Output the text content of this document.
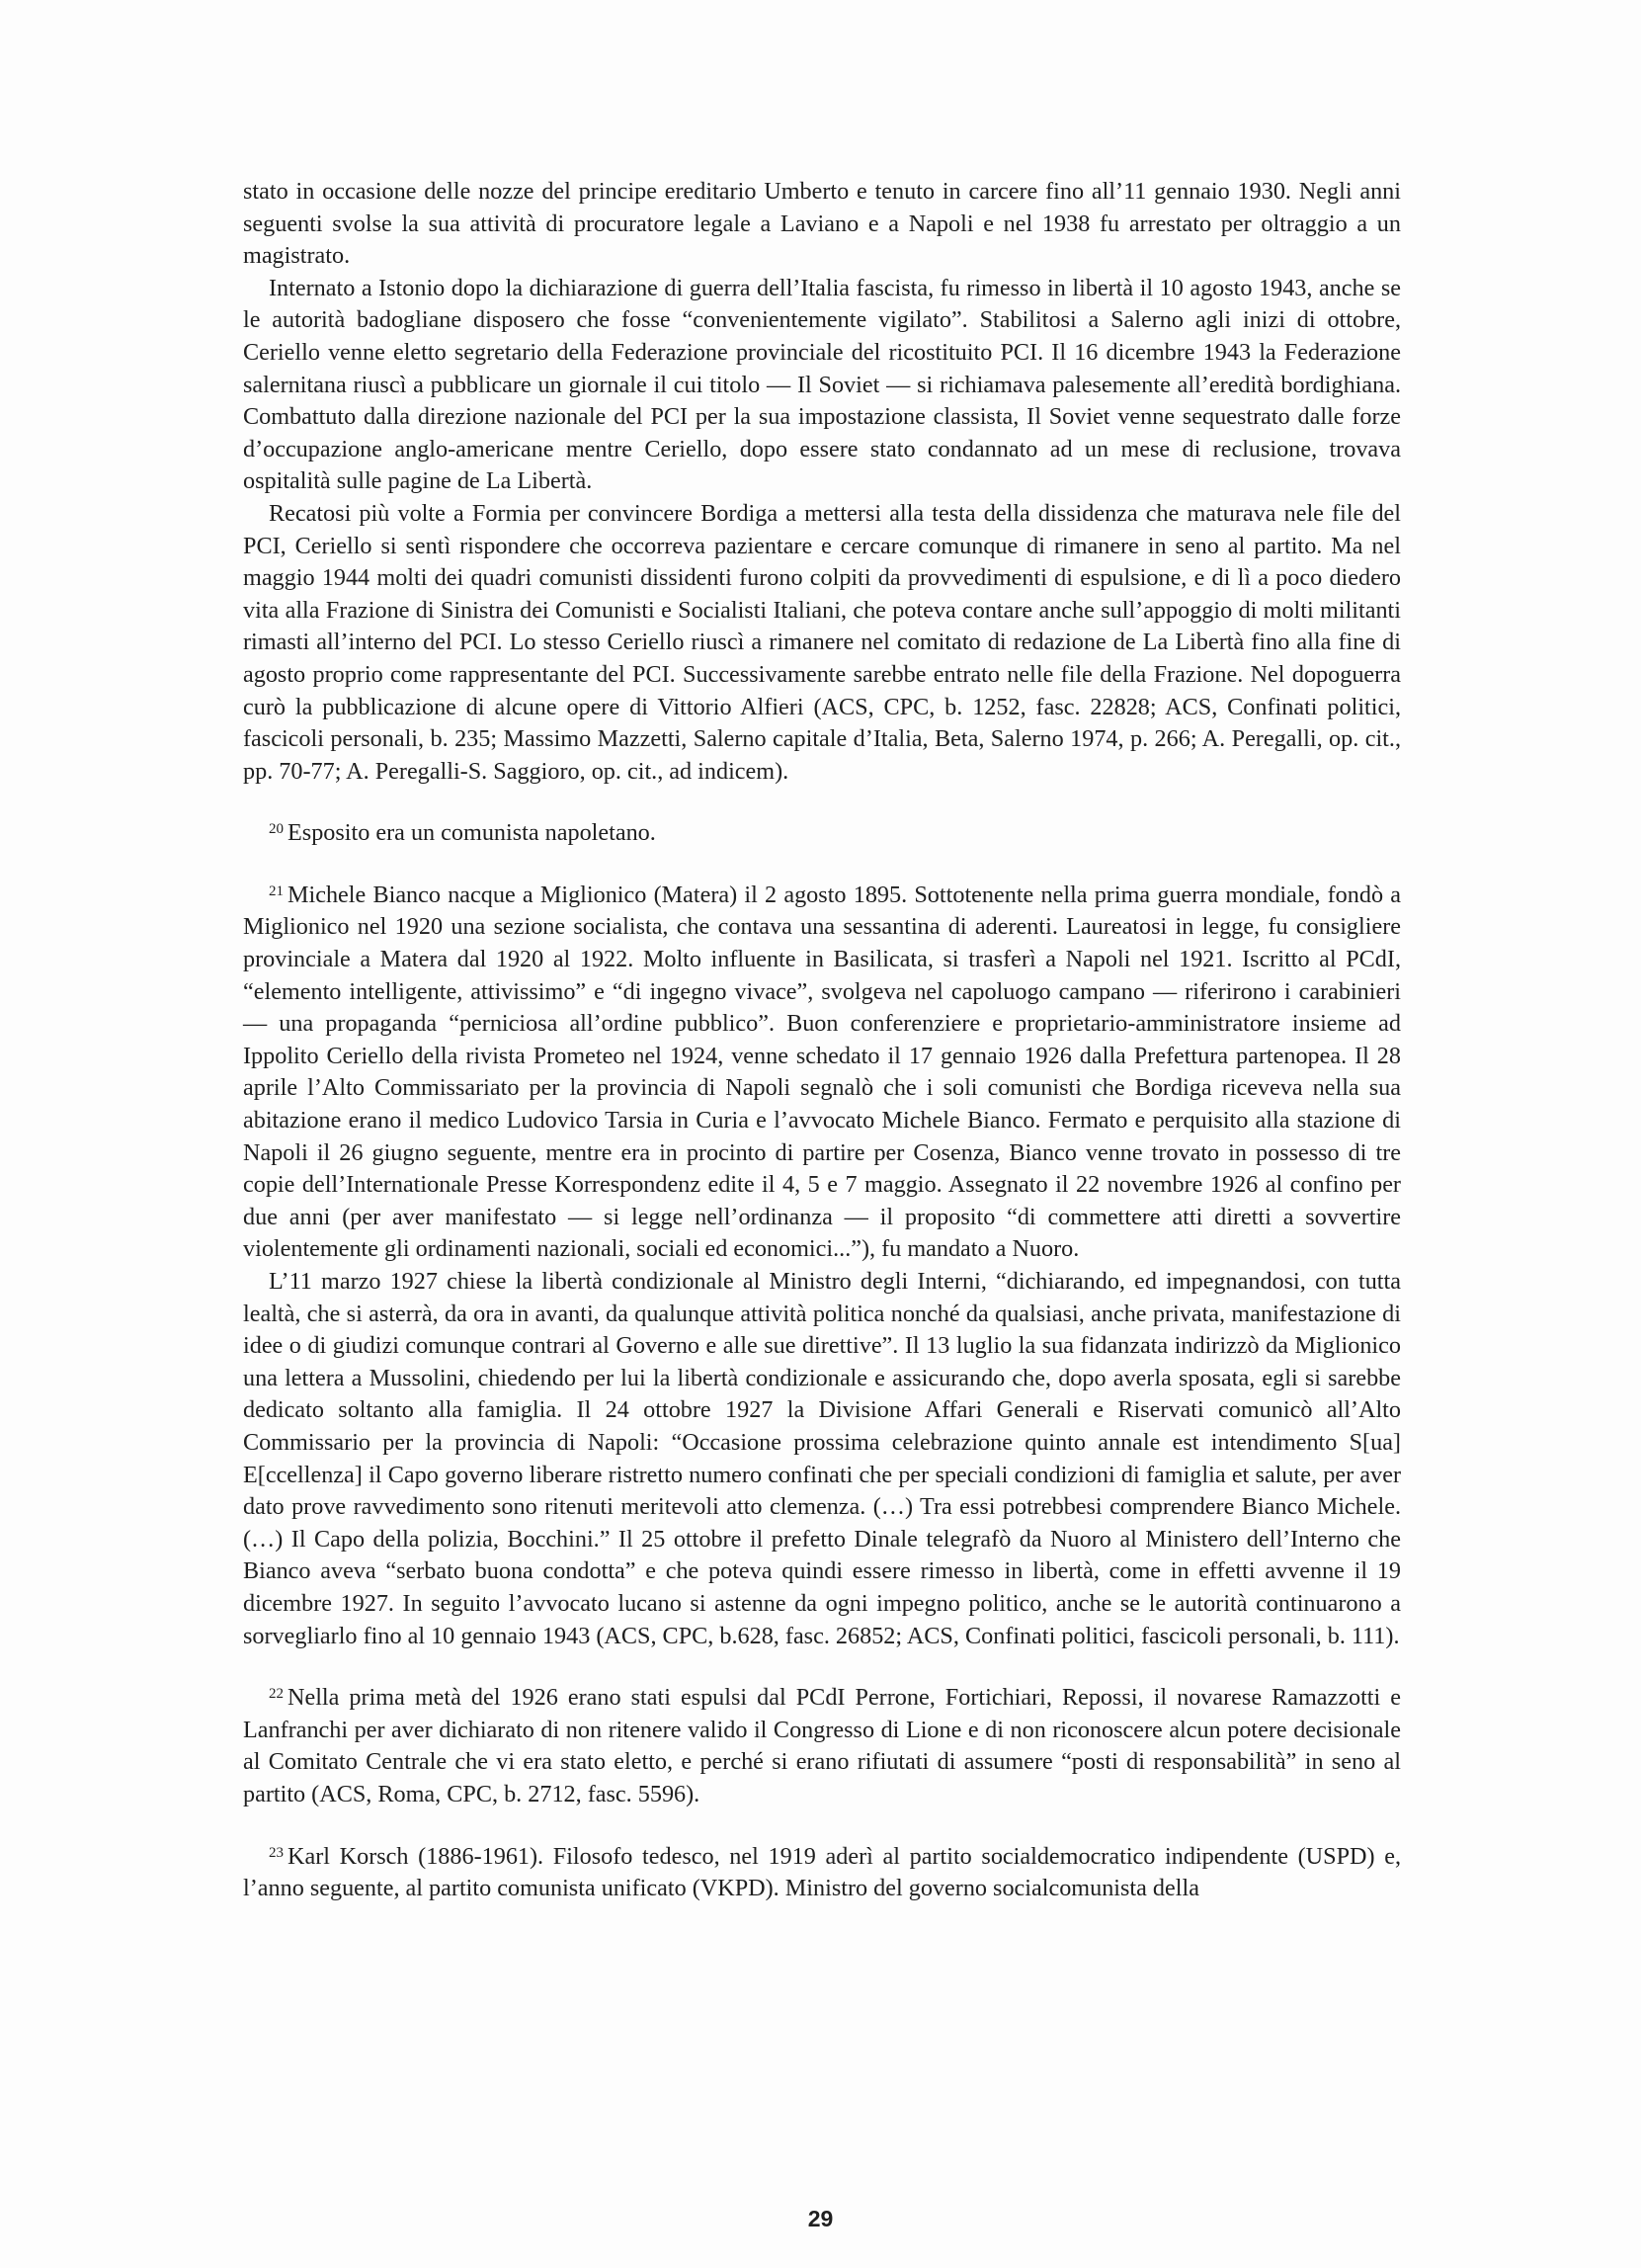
stato in occasione delle nozze del principe ereditario Umberto e tenuto in carcere fino all’11 gennaio 1930. Negli anni seguenti svolse la sua attività di procuratore legale a Laviano e a Napoli e nel 1938 fu arrestato per oltraggio a un magistrato.

Internato a Istonio dopo la dichiarazione di guerra dell’Italia fascista, fu rimesso in libertà il 10 agosto 1943, anche se le autorità badogliane disposero che fosse “convenientemente vigilato”. Stabilitosi a Salerno agli inizi di ottobre, Ceriello venne eletto segretario della Federazione provinciale del ricostituito PCI. Il 16 dicembre 1943 la Federazione salernitana riuscì a pubblicare un giornale il cui titolo — Il Soviet — si richiamava palesemente all’eredità bordighiana. Combattuto dalla direzione nazionale del PCI per la sua impostazione classista, Il Soviet venne sequestrato dalle forze d’occupazione anglo-americane mentre Ceriello, dopo essere stato condannato ad un mese di reclusione, trovava ospitalità sulle pagine de La Libertà.

Recatosi più volte a Formia per convincere Bordiga a mettersi alla testa della dissidenza che maturava nele file del PCI, Ceriello si sentì rispondere che occorreva pazientare e cercare comunque di rimanere in seno al partito. Ma nel maggio 1944 molti dei quadri comunisti dissidenti furono colpiti da provvedimenti di espulsione, e di lì a poco diedero vita alla Frazione di Sinistra dei Comunisti e Socialisti Italiani, che poteva contare anche sull’appoggio di molti militanti rimasti all’interno del PCI. Lo stesso Ceriello riuscì a rimanere nel comitato di redazione de La Libertà fino alla fine di agosto proprio come rappresentante del PCI. Successivamente sarebbe entrato nelle file della Frazione. Nel dopoguerra curò la pubblicazione di alcune opere di Vittorio Alfieri (ACS, CPC, b. 1252, fasc. 22828; ACS, Confinati politici, fascicoli personali, b. 235; Massimo Mazzetti, Salerno capitale d’Italia, Beta, Salerno 1974, p. 266; A. Peregalli, op. cit., pp. 70-77; A. Peregalli-S. Saggioro, op. cit., ad indicem).

$^{20}$ Esposito era un comunista napoletano.

$^{21}$ Michele Bianco nacque a Miglionico (Matera) il 2 agosto 1895. Sottotenente nella prima guerra mondiale, fondò a Miglionico nel 1920 una sezione socialista, che contava una sessantina di aderenti. Laureatosi in legge, fu consigliere provinciale a Matera dal 1920 al 1922. Molto influente in Basilicata, si trasferì a Napoli nel 1921. Iscritto al PCdI, “elemento intelligente, attivissimo” e “di ingegno vivace”, svolgeva nel capoluogo campano — riferirono i carabinieri — una propaganda “perniciosa all’ordine pubblico”. Buon conferenziere e proprietario-amministratore insieme ad Ippolito Ceriello della rivista Prometeo nel 1924, venne schedato il 17 gennaio 1926 dalla Prefettura partenopea. Il 28 aprile l’Alto Commissariato per la provincia di Napoli segnalò che i soli comunisti che Bordiga riceveva nella sua abitazione erano il medico Ludovico Tarsia in Curia e l’avvocato Michele Bianco. Fermato e perquisito alla stazione di Napoli il 26 giugno seguente, mentre era in procinto di partire per Cosenza, Bianco venne trovato in possesso di tre copie dell’Internationale Presse Korrespondenz edite il 4, 5 e 7 maggio. Assegnato il 22 novembre 1926 al confino per due anni (per aver manifestato — si legge nell’ordinanza — il proposito “di commettere atti diretti a sovvertire violentemente gli ordinamenti nazionali, sociali ed economici...”), fu mandato a Nuoro.

L’11 marzo 1927 chiese la libertà condizionale al Ministro degli Interni, “dichiarando, ed impegnandosi, con tutta lealtà, che si asterrà, da ora in avanti, da qualunque attività politica nonché da qualsiasi, anche privata, manifestazione di idee o di giudizi comunque contrari al Governo e alle sue direttive”. Il 13 luglio la sua fidanzata indirizzò da Miglionico una lettera a Mussolini, chiedendo per lui la libertà condizionale e assicurando che, dopo averla sposata, egli si sarebbe dedicato soltanto alla famiglia. Il 24 ottobre 1927 la Divisione Affari Generali e Riservati comunicò all’Alto Commissario per la provincia di Napoli: “Occasione prossima celebrazione quinto annale est intendimento S[ua] E[ccellenza] il Capo governo liberare ristretto numero confinati che per speciali condizioni di famiglia et salute, per aver dato prove ravvedimento sono ritenuti meritevoli atto clemenza. (…) Tra essi potrebbesi comprendere Bianco Michele. (…) Il Capo della polizia, Bocchini.” Il 25 ottobre il prefetto Dinale telegrafò da Nuoro al Ministero dell’Interno che Bianco aveva “serbato buona condotta” e che poteva quindi essere rimesso in libertà, come in effetti avvenne il 19 dicembre 1927. In seguito l’avvocato lucano si astenne da ogni impegno politico, anche se le autorità continuarono a sorvegliarlo fino al 10 gennaio 1943 (ACS, CPC, b.628, fasc. 26852; ACS, Confinati politici, fascicoli personali, b. 111).

$^{22}$ Nella prima metà del 1926 erano stati espulsi dal PCdI Perrone, Fortichiari, Repossi, il novarese Ramazzotti e Lanfranchi per aver dichiarato di non ritenere valido il Congresso di Lione e di non riconoscere alcun potere decisionale al Comitato Centrale che vi era stato eletto, e perché si erano rifiutati di assumere “posti di responsabilità” in seno al partito (ACS, Roma, CPC, b. 2712, fasc. 5596).

$^{23}$ Karl Korsch (1886-1961). Filosofo tedesco, nel 1919 aderì al partito socialdemocratico indipendente (USPD) e, l’anno seguente, al partito comunista unificato (VKPD). Ministro del governo socialcomunista della

29
